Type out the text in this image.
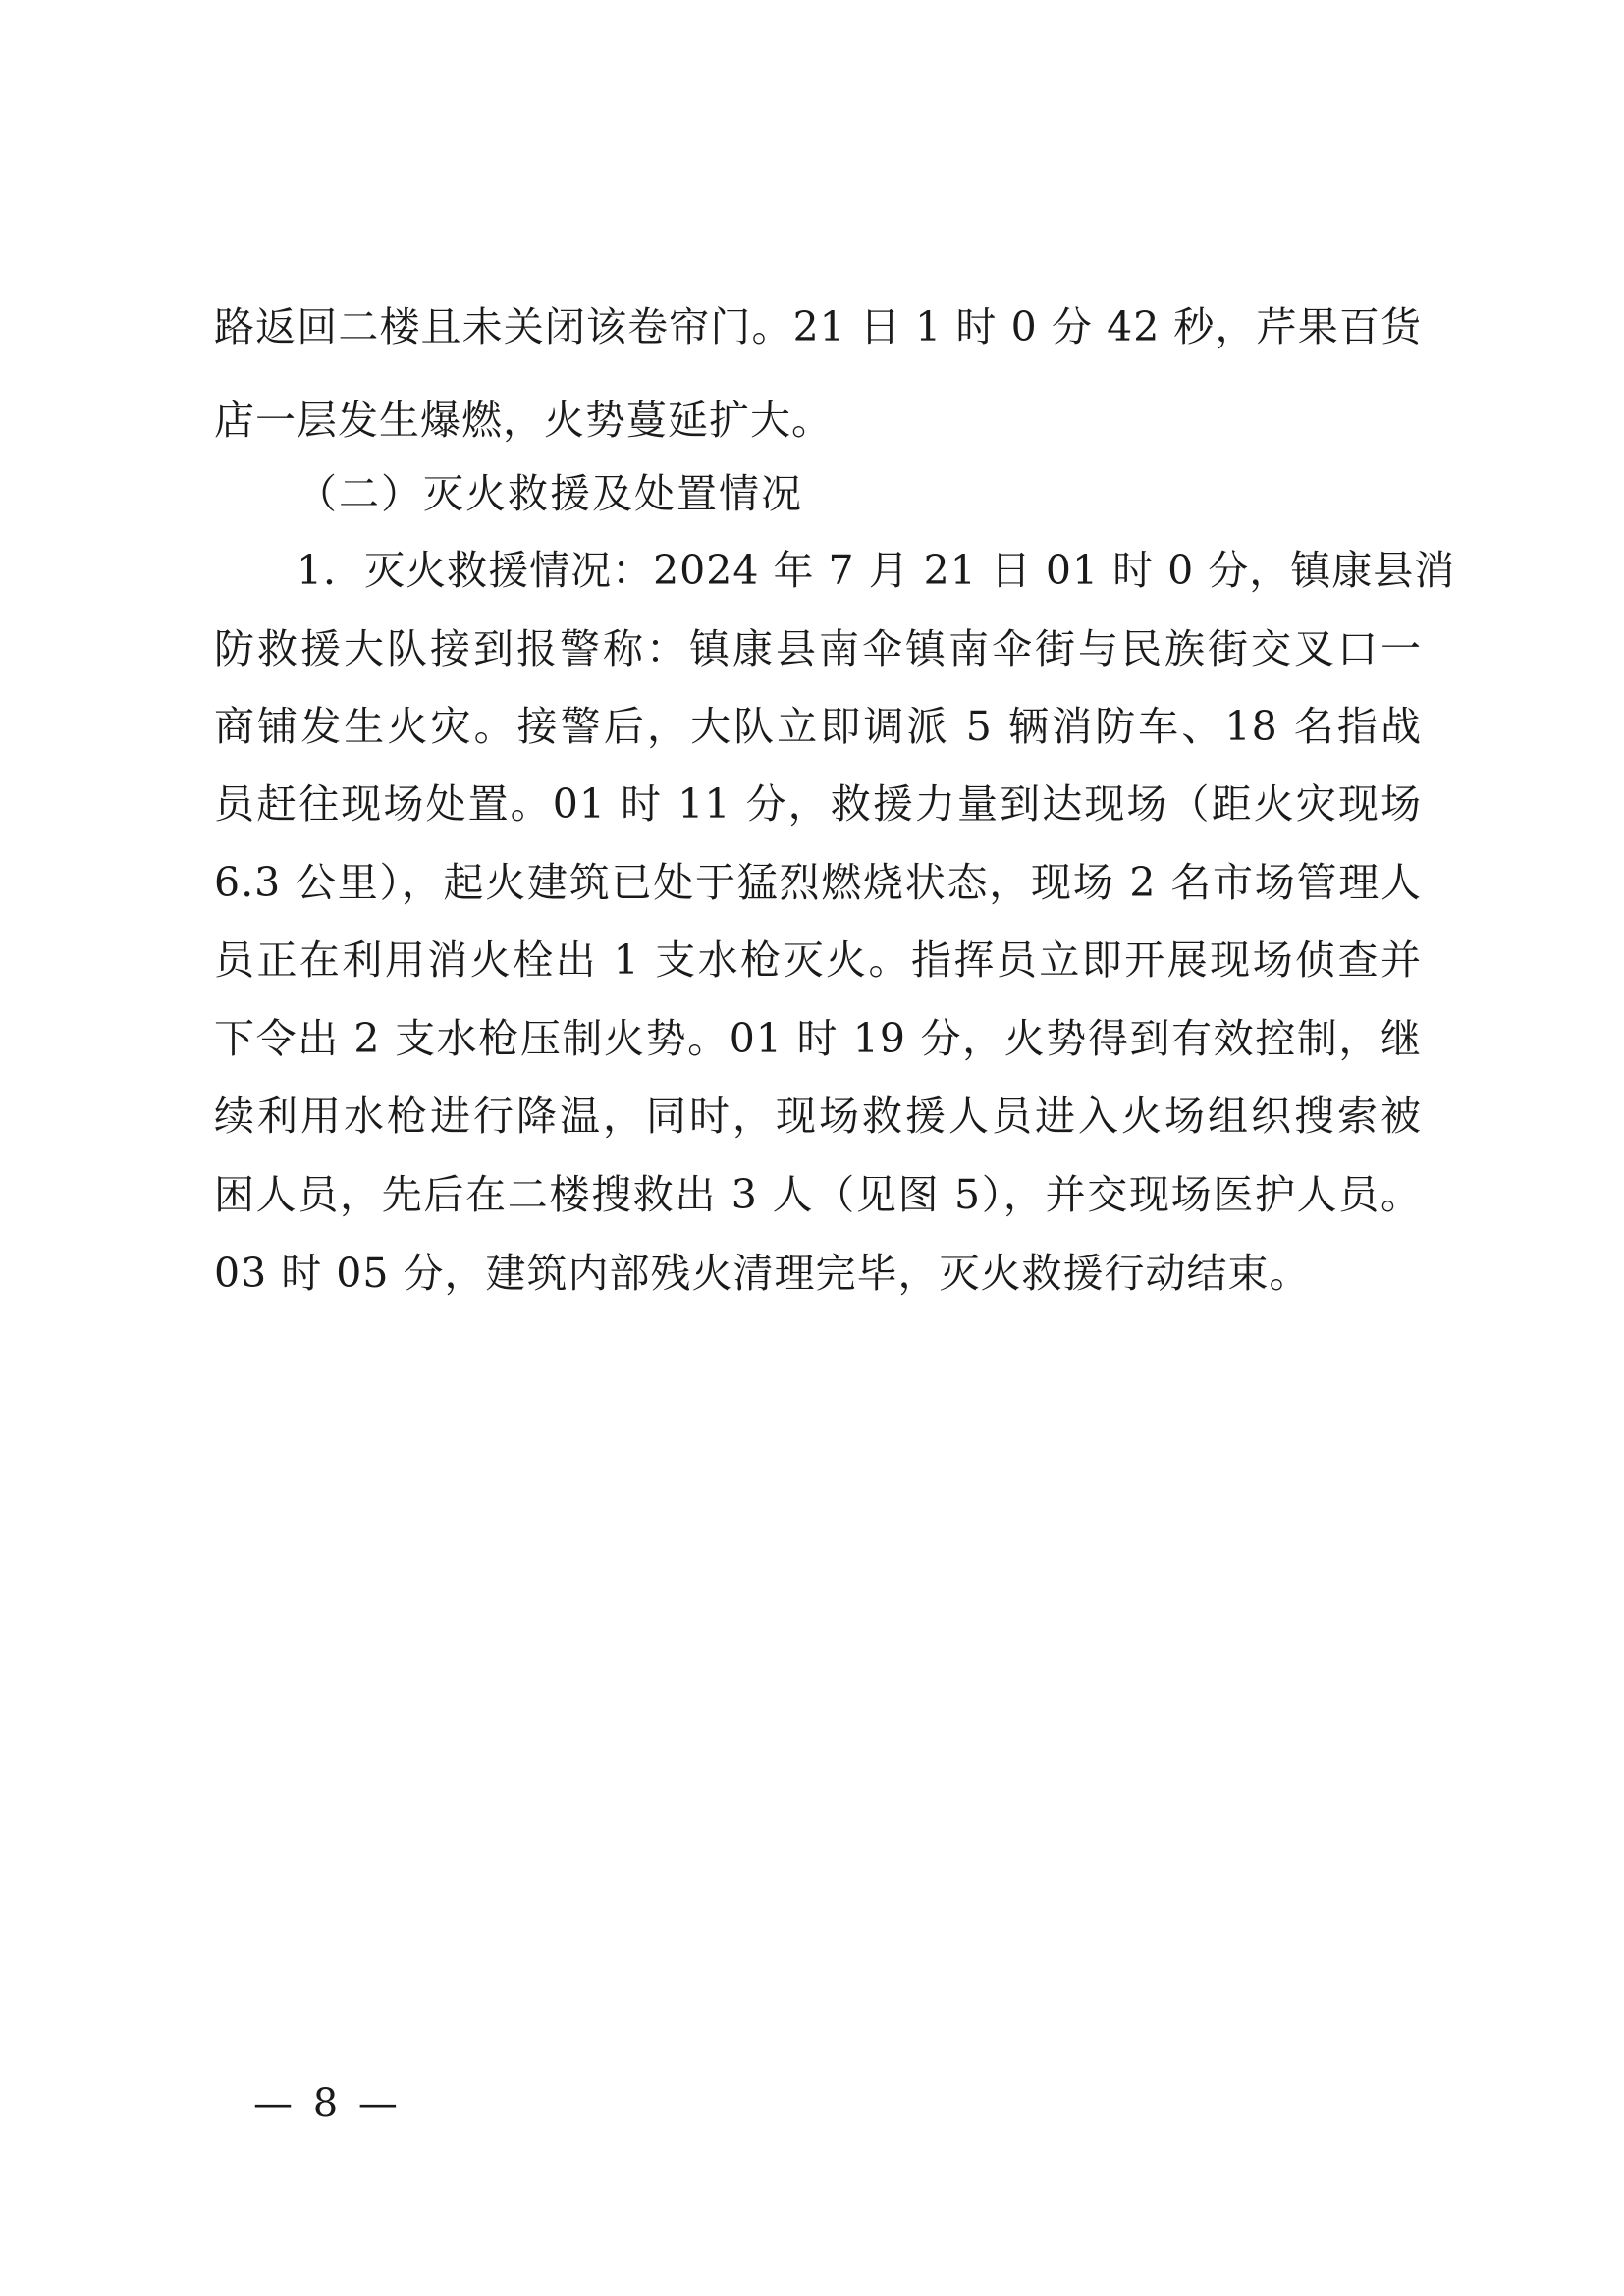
路返回二楼且未关闭该卷帘门。21 日 1 时 0 分 42 秒，芹果百货
店一层发生爆燃，火势蔓延扩大。
（二）灭火救援及处置情况
1．灭火救援情况：2024 年 7 月 21 日 01 时 0 分，镇康县消
防救援大队接到报警称：镇康县南伞镇南伞街与民族街交叉口一
商铺发生火灾。接警后，大队立即调派 5 辆消防车、18 名指战
员赶往现场处置。01 时 11 分，救援力量到达现场（距火灾现场
6.3 公里），起火建筑已处于猛烈燃烧状态，现场 2 名市场管理人
员正在利用消火栓出 1 支水枪灭火。指挥员立即开展现场侦查并
下令出 2 支水枪压制火势。01 时 19 分，火势得到有效控制，继
续利用水枪进行降温，同时，现场救援人员进入火场组织搜索被
困人员，先后在二楼搜救出 3 人（见图 5），并交现场医护人员。
03 时 05 分，建筑内部残火清理完毕，灭火救援行动结束。
— 8 —
